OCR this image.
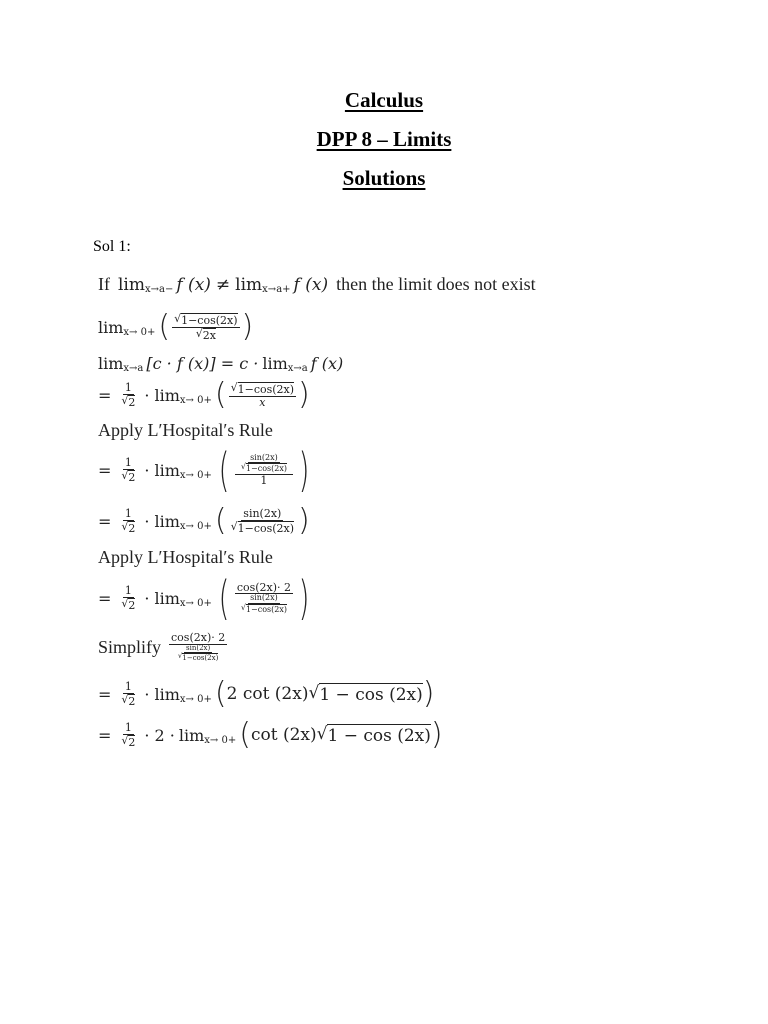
Calculus
DPP 8 – Limits
Solutions
Sol 1:
If lim x→a− f (x) ≠ lim x→a+ f (x) then the limit does not exist
lim x→ 0+ ( $\frac{√ 1-\cos(2x)}{√ 2x}$ )
lim x→a [c · f (x)] = c · lim x→a f (x)
= $\frac{1}{√ 2} \cdot \lim x\to 0+$ ( $\frac{√ 1-\cos(2x)}{x}$ )
Apply L′Hospital′s Rule
= $\frac{1}{√ 2} \cdot \lim x\to 0+$ ( $\frac{\frac{\sin(2x)}{√ 1-\cos(2x)}}{1}$ )
= $\frac{1}{√ 2} \cdot \lim x\to 0+$ ( $\frac{\sin(2x)}{√ 1-\cos(2x)}$ )
Apply L′Hospital′s Rule
= $\frac{1}{√ 2} \cdot \lim x\to 0+$ ( $\frac{\cos(2x)\cdot 2}{\frac{\sin(2x)}{√ 1-\cos(2x)}}$ )
Simplify $\frac{\cos(2x)\cdot 2}{\frac{\sin(2x)}{√ 1-\cos(2x)}}$
= $\frac{1}{√ 2} \cdot \lim x\to 0+$ ( 2 cot (2x) √ 1 − cos (2x) )
= $\frac{1}{√ 2} \cdot 2 \cdot \lim x\to 0+$ ( cot (2x) √ 1 − cos (2x) )
